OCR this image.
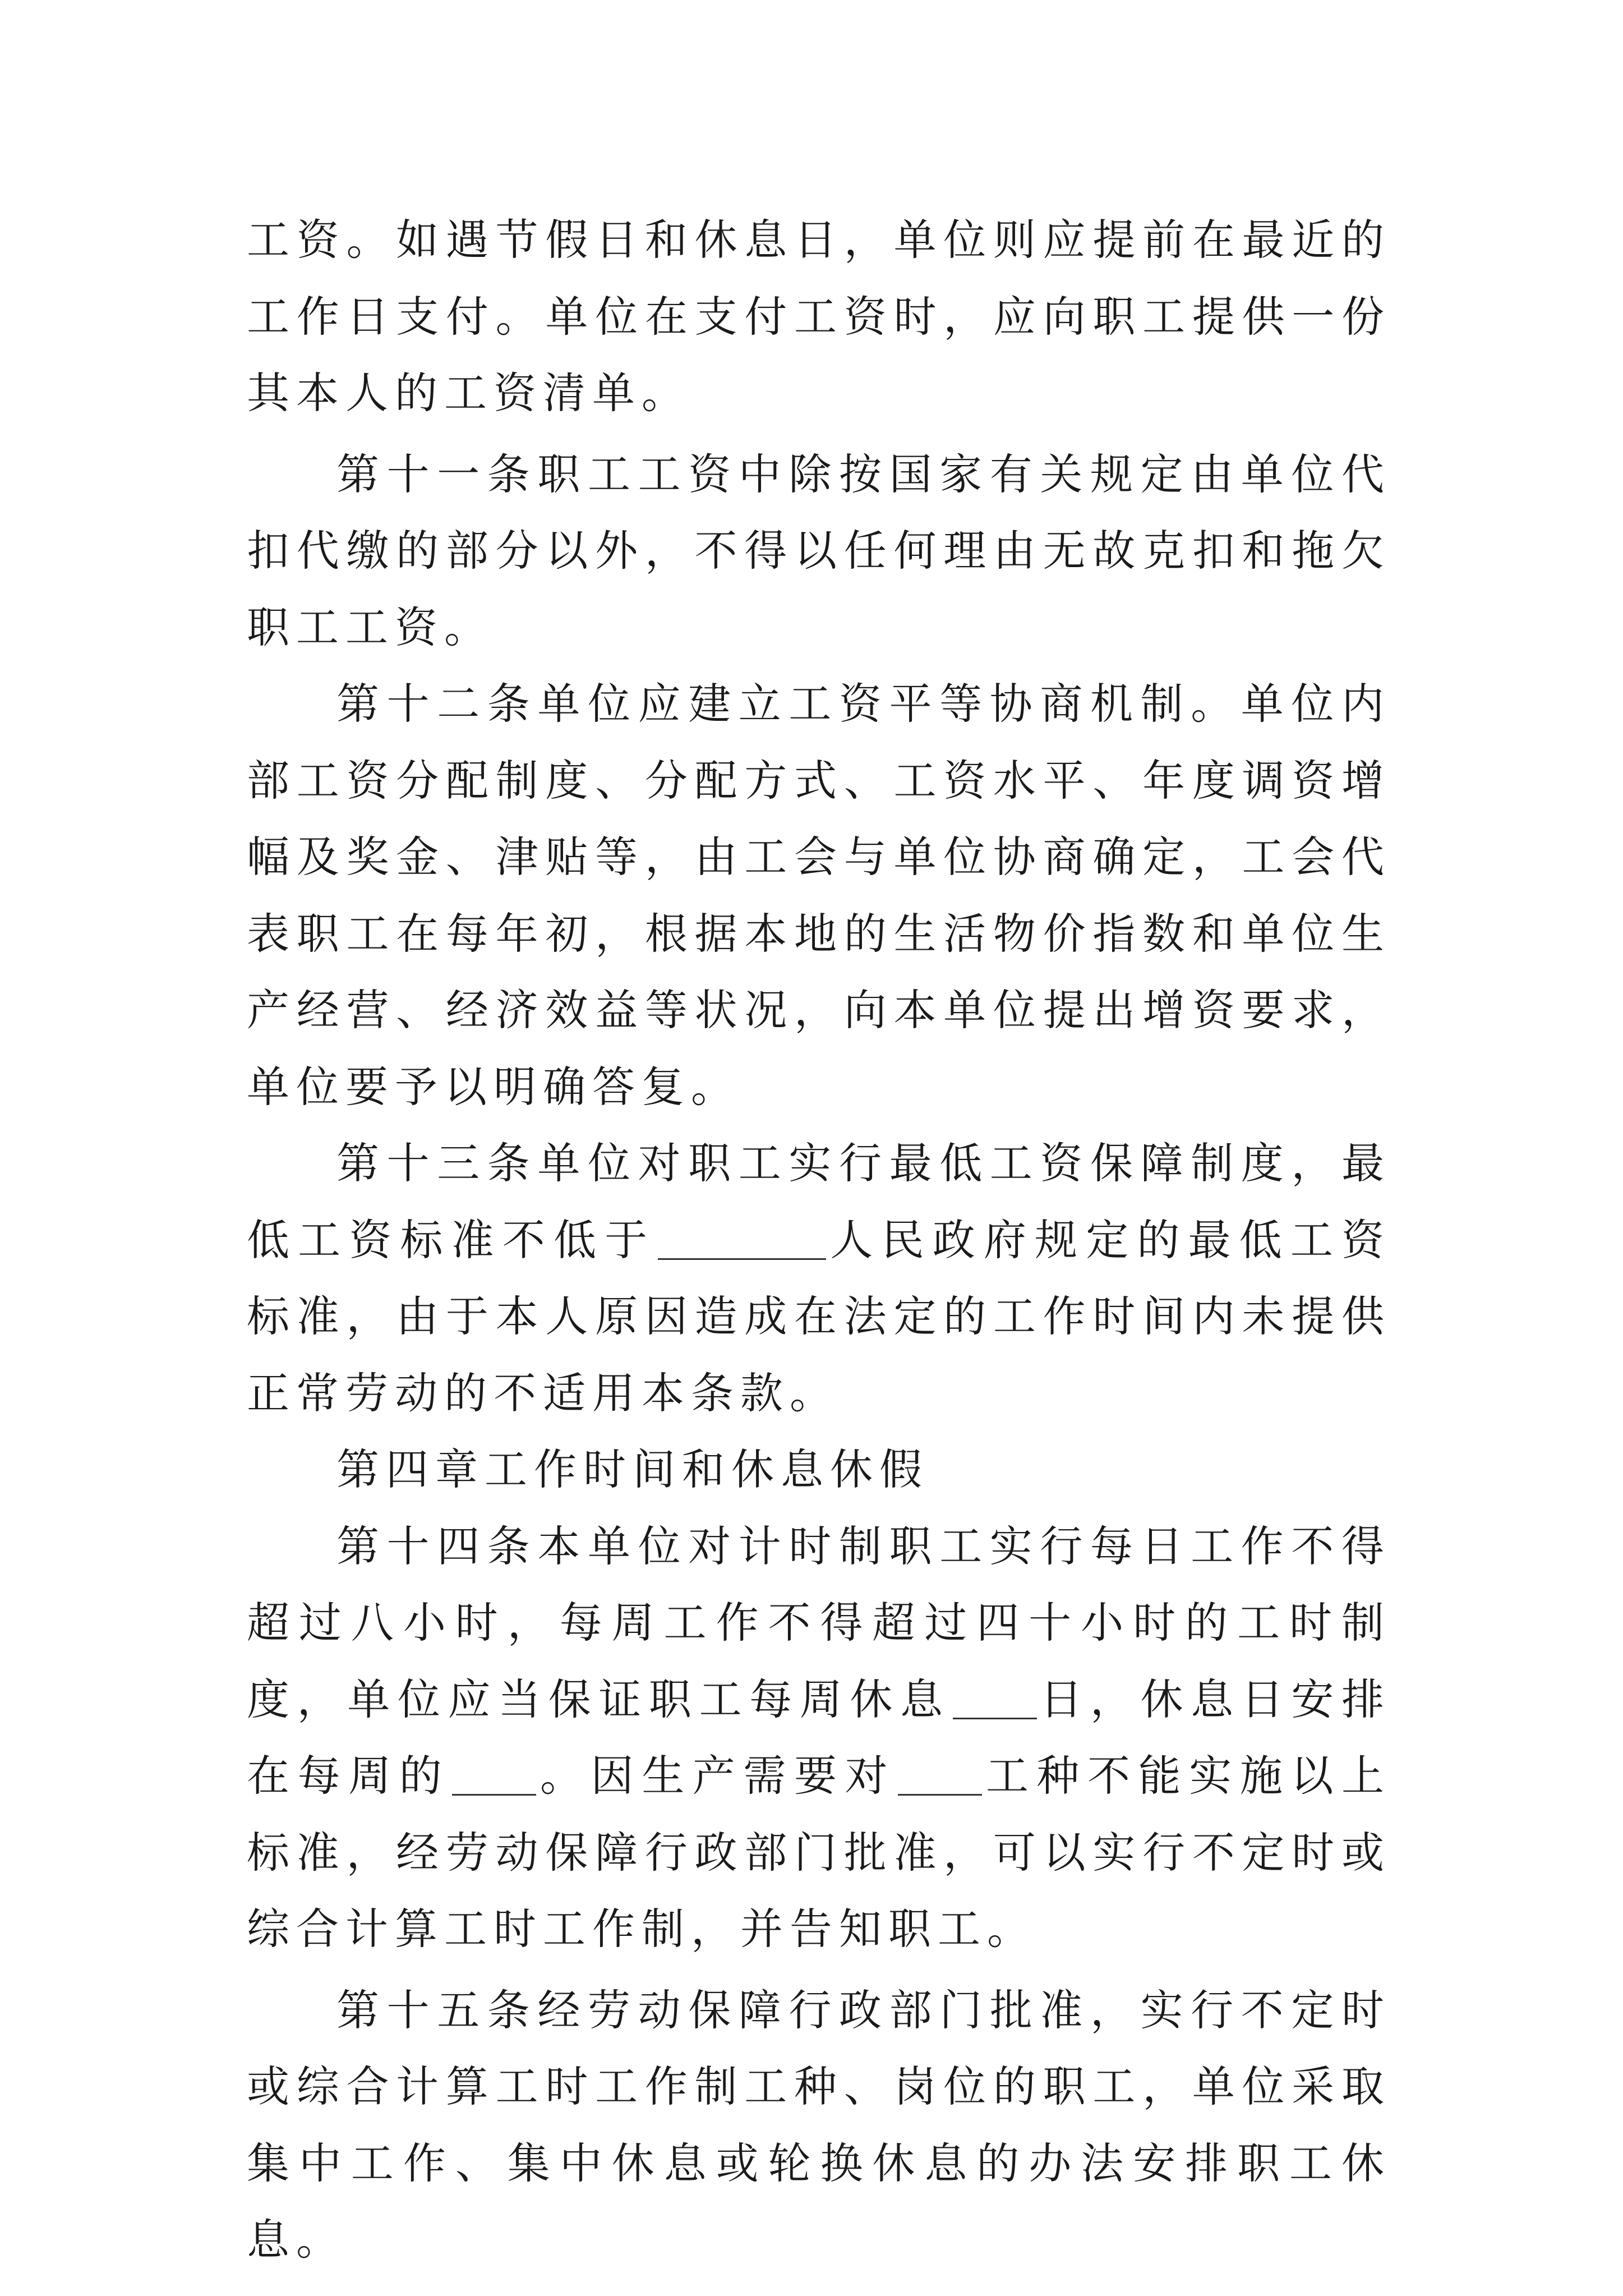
工资。如遇节假日和休息日，单位则应提前在最近的工作日支付。单位在支付工资时，应向职工提供一份其本人的工资清单。

第十一条职工工资中除按国家有关规定由单位代扣代缴的部分以外，不得以任何理由无故克扣和拖欠职工工资。

第十二条单位应建立工资平等协商机制。单位内部工资分配制度、分配方式、工资水平、年度调资增幅及奖金、津贴等，由工会与单位协商确定，工会代表职工在每年初，根据本地的生活物价指数和单位生产经营、经济效益等状况，向本单位提出增资要求，单位要予以明确答复。

第十三条单位对职工实行最低工资保障制度，最低工资标准不低于	人民政府规定的最低工资标准，由于本人原因造成在法定的工作时间内未提供正常劳动的不适用本条款。

第四章工作时间和休息休假

第十四条本单位对计时制职工实行每日工作不得超过八小时，每周工作不得超过四十小时的工时制度，单位应当保证职工每周休息 日，休息日安排在每周的 。因生产需要对 工种不能实施以上标准，经劳动保障行政部门批准，可以实行不定时或综合计算工时工作制，并告知职工。

第十五条经劳动保障行政部门批准，实行不定时或综合计算工时工作制工种、岗位的职工，单位采取集中工作、集中休息或轮换休息的办法安排职工休息。
